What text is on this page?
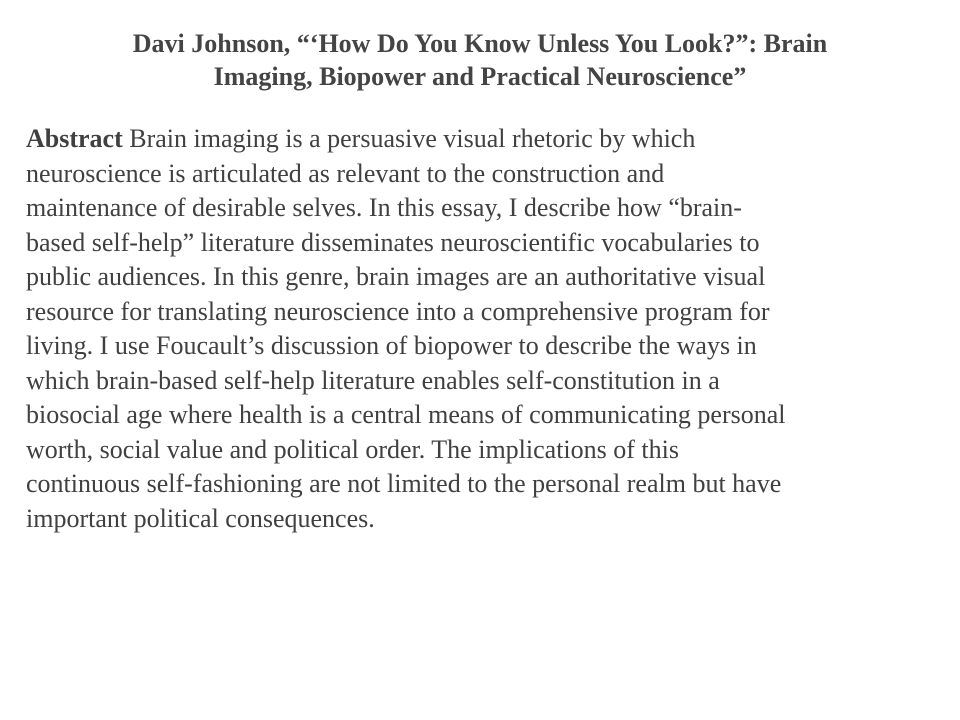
Davi Johnson, “‘How Do You Know Unless You Look?”: Brain
Imaging, Biopower and Practical Neuroscience”

Abstract Brain imaging is a persuasive visual rhetoric by which
neuroscience is articulated as relevant to the construction and
maintenance of desirable selves. In this essay, I describe how “brain-
based self-help” literature disseminates neuroscientific vocabularies to
public audiences. In this genre, brain images are an authoritative visual
resource for translating neuroscience into a comprehensive program for
living. I use Foucault’s discussion of biopower to describe the ways in
which brain-based self-help literature enables self-constitution in a
biosocial age where health is a central means of communicating personal
worth, social value and political order. The implications of this
continuous self-fashioning are not limited to the personal realm but have
important political consequences.
